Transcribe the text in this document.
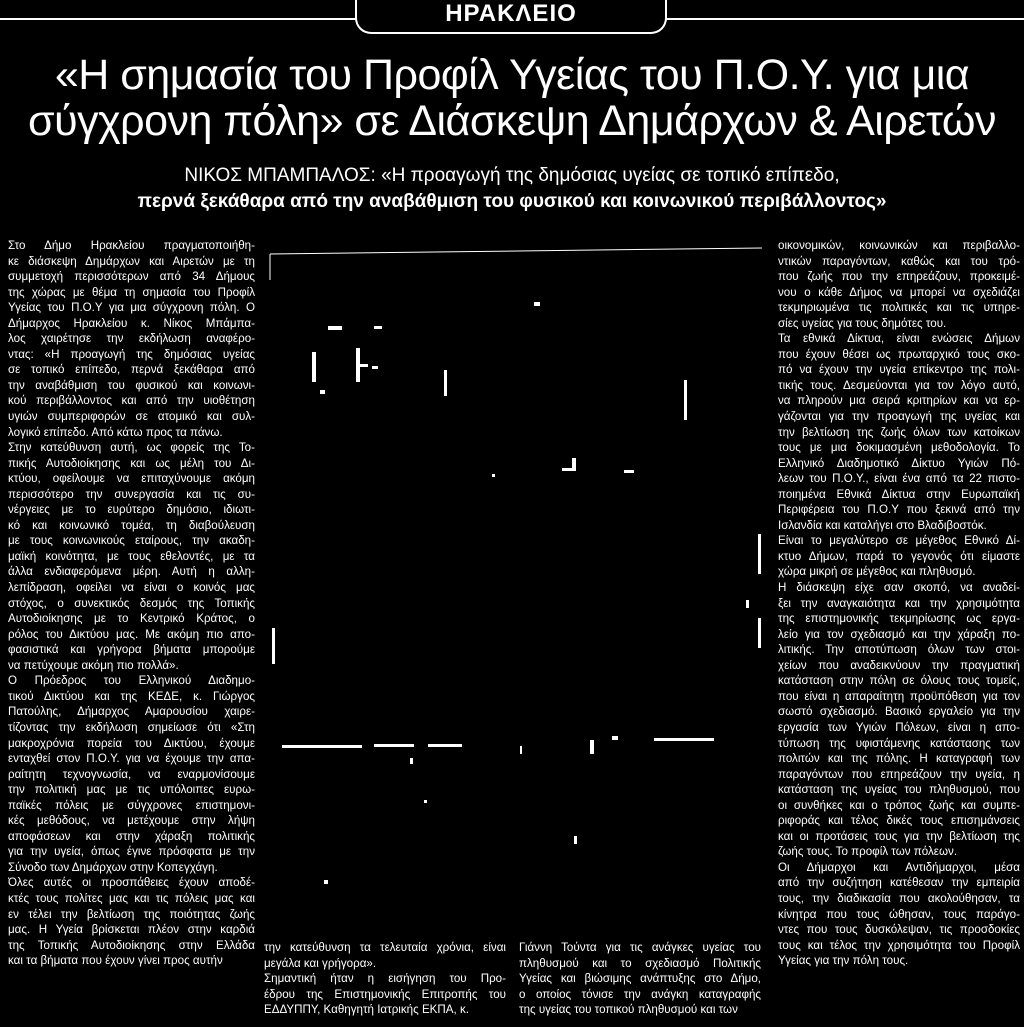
ΗΡΑΚΛΕΙΟ
«Η σημασία του Προφίλ Υγείας του Π.Ο.Υ. για μια
σύγχρονη πόλη» σε Διάσκεψη Δημάρχων & Αιρετών
ΝΙΚΟΣ ΜΠΑΜΠΑΛΟΣ: «Η προαγωγή της δημόσιας υγείας σε τοπικό επίπεδο,
περνά ξεκάθαρα από την αναβάθμιση του φυσικού και κοινωνικού περιβάλλοντος»

Στο Δήμο Ηρακλείου πραγματοποιήθη-

κε διάσκεψη Δημάρχων και Αιρετών με τη

συμμετοχή περισσότερων από 34 Δήμους

της χώρας με θέμα τη σημασία του Προφίλ

Υγείας του Π.Ο.Υ για μια σύγχρονη πόλη. Ο

Δήμαρχος Ηρακλείου κ. Νίκος Μπάμπα-

λος χαιρέτησε την εκδήλωση αναφέρο-

ντας: «Η προαγωγή της δημόσιας υγείας

σε τοπικό επίπεδο, περνά ξεκάθαρα από

την αναβάθμιση του φυσικού και κοινωνι-

κού περιβάλλοντος και από την υιοθέτηση

υγιών συμπεριφορών σε ατομικό και συλ-

λογικό επίπεδο. Από κάτω προς τα πάνω.

Στην κατεύθυνση αυτή, ως φορείς της Το-

πικής Αυτοδιοίκησης και ως μέλη του Δι-

κτύου, οφείλουμε να επιταχύνουμε ακόμη

περισσότερο την συνεργασία και τις συ-

νέργειες με το ευρύτερο δημόσιο, ιδιωτι-

κό και κοινωνικό τομέα, τη διαβούλευση

με τους κοινωνικούς εταίρους, την ακαδη-

μαϊκή κοινότητα, με τους εθελοντές, με τα

άλλα ενδιαφερόμενα μέρη. Αυτή η αλλη-

λεπίδραση, οφείλει να είναι ο κοινός μας

στόχος, ο συνεκτικός δεσμός της Τοπικής

Αυτοδιοίκησης με το Κεντρικό Κράτος, ο

ρόλος του Δικτύου μας. Με ακόμη πιο απο-

φασιστικά και γρήγορα βήματα μπορούμε

να πετύχουμε ακόμη πιο πολλά».

Ο Πρόεδρος του Ελληνικού Διαδημο-

τικού Δικτύου και της ΚΕΔΕ, κ. Γιώργος

Πατούλης, Δήμαρχος Αμαρουσίου χαιρε-

τίζοντας την εκδήλωση σημείωσε ότι «Στη

μακροχρόνια πορεία του Δικτύου, έχουμε

ενταχθεί στον Π.Ο.Υ. για να έχουμε την απα-

ραίτητη τεχνογνωσία, να εναρμονίσουμε

την πολιτική μας με τις υπόλοιπες ευρω-

παϊκές πόλεις με σύγχρονες επιστημονι-

κές μεθόδους, να μετέχουμε στην λήψη

αποφάσεων και στην χάραξη πολιτικής

για την υγεία, όπως έγινε πρόσφατα με την

Σύνοδο των Δημάρχων στην Κοπεγχάγη.

Όλες αυτές οι προσπάθειες έχουν αποδέ-

κτές τους πολίτες μας και τις πόλεις μας και

εν τέλει την βελτίωση της ποιότητας ζωής

μας. Η Υγεία βρίσκεται πλέον στην καρδιά

της Τοπικής Αυτοδιοίκησης στην Ελλάδα

και τα βήματα που έχουν γίνει προς αυτήν

την κατεύθυνση τα τελευταία χρόνια, είναι

μεγάλα και γρήγορα».

Σημαντική ήταν η εισήγηση του Προ-

έδρου της Επιστημονικής Επιτροπής του

ΕΔΔΥΠΠΥ, Καθηγητή Ιατρικής ΕΚΠΑ, κ.

Γιάννη Τούντα για τις ανάγκες υγείας του

πληθυσμού και το σχεδιασμό Πολιτικής

Υγείας και βιώσιμης ανάπτυξης στο Δήμο,

ο οποίος τόνισε την ανάγκη καταγραφής

της υγείας του τοπικού πληθυσμού και των

οικονομικών, κοινωνικών και περιβαλλο-

ντικών παραγόντων, καθώς και του τρό-

που ζωής που την επηρεάζουν, προκειμέ-

νου ο κάθε Δήμος να μπορεί να σχεδιάζει

τεκμηριωμένα τις πολιτικές και τις υπηρε-

σίες υγείας για τους δημότες του.

Τα εθνικά Δίκτυα, είναι ενώσεις Δήμων

που έχουν θέσει ως πρωταρχικό τους σκο-

πό να έχουν την υγεία επίκεντρο της πολι-

τικής τους. Δεσμεύονται για τον λόγο αυτό,

να πληρούν μια σειρά κριτηρίων και να ερ-

γάζονται για την προαγωγή της υγείας και

την βελτίωση της ζωής όλων των κατοίκων

τους με μια δοκιμασμένη μεθοδολογία. Το

Ελληνικό Διαδημοτικό Δίκτυο Υγιών Πό-

λεων του Π.Ο.Υ., είναι ένα από τα 22 πιστο-

ποιημένα Εθνικά Δίκτυα στην Ευρωπαϊκή

Περιφέρεια του Π.Ο.Υ που ξεκινά από την

Ισλανδία και καταλήγει στο Βλαδιβοστόκ.

Είναι το μεγαλύτερο σε μέγεθος Εθνικό Δί-

κτυο Δήμων, παρά το γεγονός ότι είμαστε

χώρα μικρή σε μέγεθος και πληθυσμό.

Η διάσκεψη είχε σαν σκοπό, να αναδεί-

ξει την αναγκαιότητα και την χρησιμότητα

της επιστημονικής τεκμηρίωσης ως εργα-

λείο για τον σχεδιασμό και την χάραξη πο-

λιτικής. Την αποτύπωση όλων των στοι-

χείων που αναδεικνύουν την πραγματική

κατάσταση στην πόλη σε όλους τους τομείς,

που είναι η απαραίτητη προϋπόθεση για τον

σωστό σχεδιασμό. Βασικό εργαλείο για την

εργασία των Υγιών Πόλεων, είναι η απο-

τύπωση της υφιστάμενης κατάστασης των

πολιτών και της πόλης. Η καταγραφή των

παραγόντων που επηρεάζουν την υγεία, η

κατάσταση της υγείας του πληθυσμού, που

οι συνθήκες και ο τρόπος ζωής και συμπε-

ριφοράς και τέλος δικές τους επισημάνσεις

και οι προτάσεις τους για την βελτίωση της

ζωής τους. Το προφίλ των πόλεων.

Οι Δήμαρχοι και Αντιδήμαρχοι, μέσα

από την συζήτηση κατέθεσαν την εμπειρία

τους, την διαδικασία που ακολούθησαν, τα

κίνητρα που τους ώθησαν, τους παράγο-

ντες που τους δυσκόλεψαν, τις προσδοκίες

τους και τέλος την χρησιμότητα του Προφίλ

Υγείας για την πόλη τους.
